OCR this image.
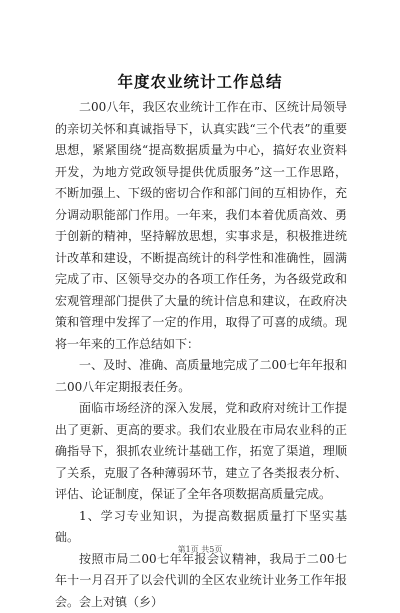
年度农业统计工作总结

二00八年，我区农业统计工作在市、区统计局领导的亲切关怀和真诚指导下，认真实践“三个代表”的重要思想，紧紧围绕“提高数据质量为中心，搞好农业资料开发，为地方党政领导提供优质服务”这一工作思路，不断加强上、下级的密切合作和部门间的互相协作，充分调动职能部门作用。一年来，我们本着优质高效、勇于创新的精神，坚持解放思想，实事求是，积极推进统计改革和建设，不断提高统计的科学性和准确性，圆满完成了市、区领导交办的各项工作任务，为各级党政和宏观管理部门提供了大量的统计信息和建议，在政府决策和管理中发挥了一定的作用，取得了可喜的成绩。现将一年来的工作总结如下：

一、及时、准确、高质量地完成了二00七年年报和二00八年定期报表任务。

面临市场经济的深入发展，党和政府对统计工作提出了更新、更高的要求。我们农业股在市局农业科的正确指导下，狠抓农业统计基础工作，拓宽了渠道，理顺了关系，克服了各种薄弱环节，建立了各类报表分析、评估、论证制度，保证了全年各项数据高质量完成。

1、学习专业知识，为提高数据质量打下坚实基础。

按照市局二00七年年报会议精神，我局于二00七年十一月召开了以会代训的全区农业统计业务工作年报会。会上对镇（乡）

第1页 共5页
